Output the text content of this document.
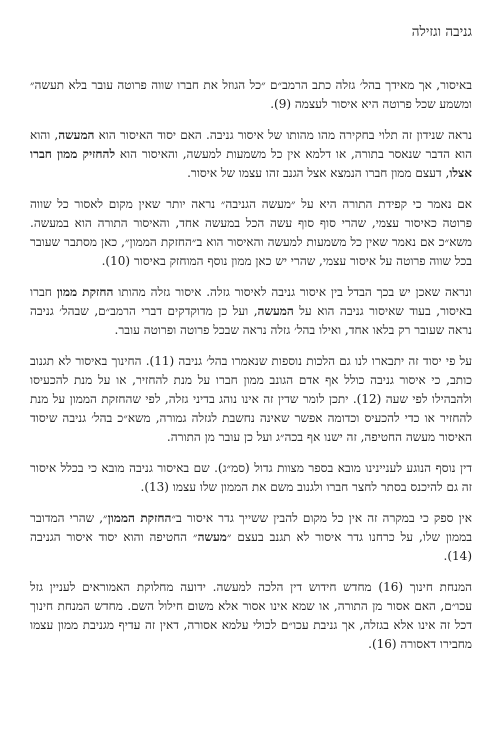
גניבה וגזילה

באיסור, אך מאידך בהל׳ גזלה כתב הרמב״ם ״כל הגוזל את חברו שווה פרוטה עובר בלא תעשה״ ומשמע שכל פרוטה היא איסור לעצמה (9).

נראה שנידון זה תלוי בחקירה מהו מהותו של איסור גניבה. האם יסוד האיסור הוא המעשה, והוא הוא הדבר שנאסר בתורה, או דלמא אין כל משמעות למעשה, והאיסור הוא להחזיק ממון חברו אצלו, דעצם ממון חברו הנמצא אצל הגנב זהו עצמו של איסור.

אם נאמר כי קפידת התורה היא על ״מעשה הגניבה״ נראה יותר שאין מקום לאסור כל שווה פרוטה כאיסור עצמי, שהרי סוף סוף עשה הכל במעשה אחד, והאיסור התורה הוא במעשה. משא״כ אם נאמר שאין כל משמעות למעשה והאיסור הוא ב״החזקת הממון״, כאן מסתבר שעובר בכל שווה פרוטה על איסור עצמי, שהרי יש כאן ממון נוסף המוחזק באיסור (10).

ונראה שאכן יש בכך הבדל בין איסור גניבה לאיסור גזלה. איסור גזלה מהותו החזקת ממון חברו באיסור, בעוד שאיסור גניבה הוא על המעשה, ועל כן מדוקדקים דברי הרמב״ם, שבהל׳ גניבה נראה שעובר רק בלאו אחד, ואילו בהל׳ גזלה נראה שבכל פרוטה ופרוטה עובר.

על פי יסוד זה יתבארו לנו גם הלכות נוספות שנאמרו בהל׳ גניבה (11). החינוך באיסור לא תגנוב כותב, כי איסור גניבה כולל אף אדם הגונב ממון חברו על מנת להחזיר, או על מנת להכעיסו ולהבהילו לפי שעה (12). יתכן לומר שדין זה אינו נוהג בדיני גזלה, לפי שהחזקת הממון על מנת להחזיר או כדי להכעיס וכדומה אפשר שאינה נחשבת לגזלה גמורה, משא״כ בהל׳ גניבה שיסוד האיסור מעשה החטיפה, זה ישנו אף בכה״ג ועל כן עובר מן התורה.

דין נוסף הנוגע לעניינינו מובא בספר מצוות גדול (סמ״ג). שם באיסור גניבה מובא כי בכלל איסור זה גם להיכנס בסתר לחצר חברו ולגנוב משם את הממון שלו עצמו (13).

אין ספק כי במקרה זה אין כל מקום להבין ששייך גדר איסור ב״החזקת הממון״, שהרי המדובר בממון שלו, על כרחנו גדר איסור לא תגנב בעצם ״מעשה״ החטיפה והוא יסוד איסור הגניבה (14).

המנחת חינוך (16) מחדש חידוש דין הלכה למעשה. ידועה מחלוקת האמוראים לעניין גזל עכו״ם, האם אסור מן התורה, או שמא אינו אסור אלא משום חילול השם. מחדש המנחת חינוך דכל זה אינו אלא בגזלה, אך גניבת עכו״ם לכולי עלמא אסורה, דאין זה עדיף מגניבת ממון עצמו מחבירו דאסורה (16).
